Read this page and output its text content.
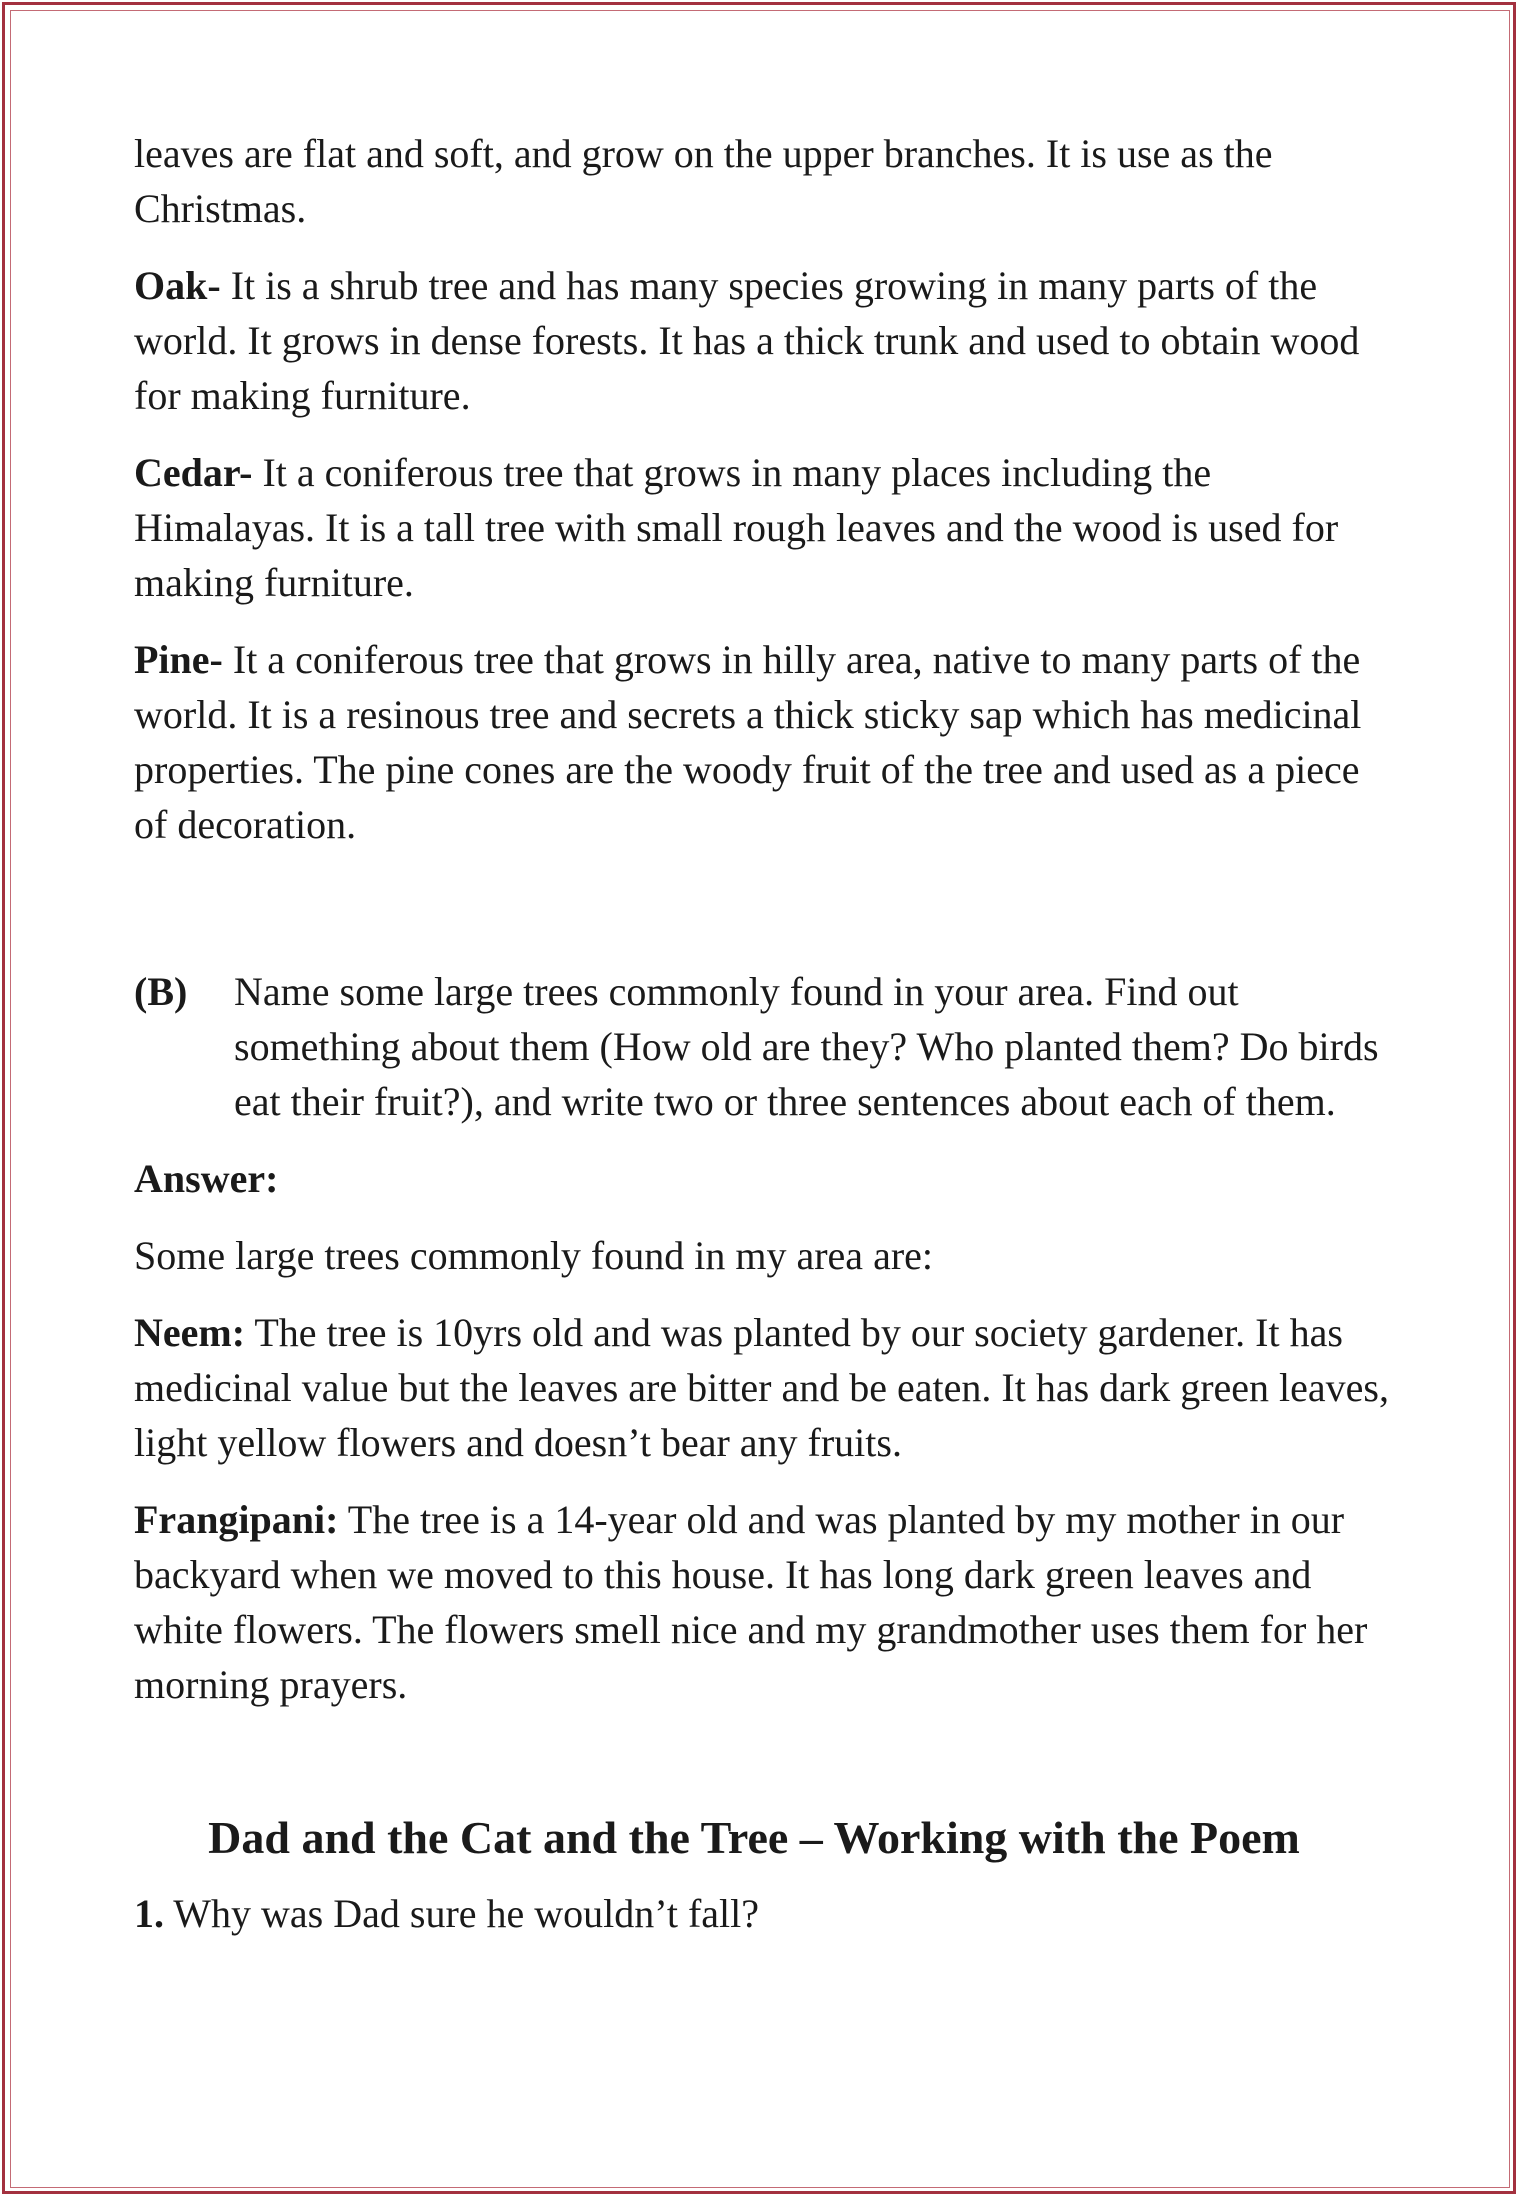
leaves are flat and soft, and grow on the upper branches. It is use as the Christmas.

Oak- It is a shrub tree and has many species growing in many parts of the world. It grows in dense forests. It has a thick trunk and used to obtain wood for making furniture.

Cedar- It a coniferous tree that grows in many places including the Himalayas. It is a tall tree with small rough leaves and the wood is used for making furniture.

Pine- It a coniferous tree that grows in hilly area, native to many parts of the world. It is a resinous tree and secrets a thick sticky sap which has medicinal properties. The pine cones are the woody fruit of the tree and used as a piece of decoration.

(B)	Name some large trees commonly found in your area. Find out something about them (How old are they? Who planted them? Do birds eat their fruit?), and write two or three sentences about each of them.

Answer:

Some large trees commonly found in my area are:

Neem: The tree is 10yrs old and was planted by our society gardener. It has medicinal value but the leaves are bitter and be eaten. It has dark green leaves, light yellow flowers and doesn’t bear any fruits.

Frangipani: The tree is a 14-year old and was planted by my mother in our backyard when we moved to this house. It has long dark green leaves and white flowers. The flowers smell nice and my grandmother uses them for her morning prayers.

Dad and the Cat and the Tree – Working with the Poem

1. Why was Dad sure he wouldn’t fall?
